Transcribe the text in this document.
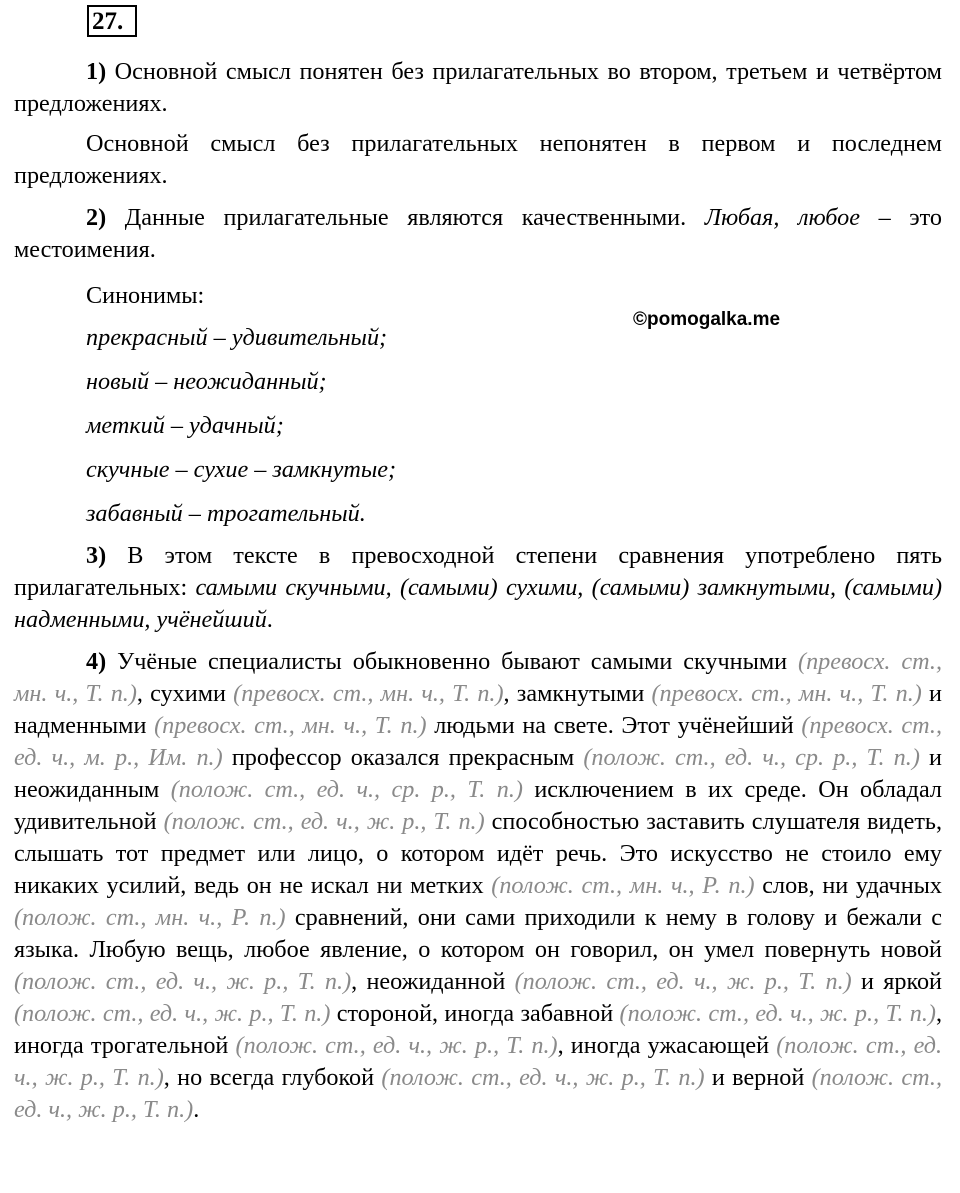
27.

1) Основной смысл понятен без прилагательных во втором, третьем и четвёртом предложениях.

Основной смысл без прилагательных непонятен в первом и последнем предложениях.

2) Данные прилагательные являются качественными. Любая, любое – это местоимения.

Синонимы:

прекрасный – удивительный;

новый – неожиданный;

меткий – удачный;

скучные – сухие – замкнутые;

забавный – трогательный.

3) В этом тексте в превосходной степени сравнения употреблено пять прилагательных: самыми скучными, (самыми) сухими, (самыми) замкнутыми, (самыми) надменными, учёнейший.

4) Учёные специалисты обыкновенно бывают самыми скучными (превосх. ст., мн. ч., Т. п.), сухими (превосх. ст., мн. ч., Т. п.), замкнутыми (превосх. ст., мн. ч., Т. п.) и надменными (превосх. ст., мн. ч., Т. п.) людьми на свете. Этот учёнейший (превосх. ст., ед. ч., м. р., Им. п.) профессор оказался прекрасным (полож. ст., ед. ч., ср. р., Т. п.) и неожиданным (полож. ст., ед. ч., ср. р., Т. п.) исключением в их среде. Он обладал удивительной (полож. ст., ед. ч., ж. р., Т. п.) способностью заставить слушателя видеть, слышать тот предмет или лицо, о котором идёт речь. Это искусство не стоило ему никаких усилий, ведь он не искал ни метких (полож. ст., мн. ч., Р. п.) слов, ни удачных (полож. ст., мн. ч., Р. п.) сравнений, они сами приходили к нему в голову и бежали с языка. Любую вещь, любое явление, о котором он говорил, он умел повернуть новой (полож. ст., ед. ч., ж. р., Т. п.), неожиданной (полож. ст., ед. ч., ж. р., Т. п.) и яркой (полож. ст., ед. ч., ж. р., Т. п.) стороной, иногда забавной (полож. ст., ед. ч., ж. р., Т. п.), иногда трогательной (полож. ст., ед. ч., ж. р., Т. п.), иногда ужасающей (полож. ст., ед. ч., ж. р., Т. п.), но всегда глубокой (полож. ст., ед. ч., ж. р., Т. п.) и верной (полож. ст., ед. ч., ж. р., Т. п.).

©pomogalka.me
